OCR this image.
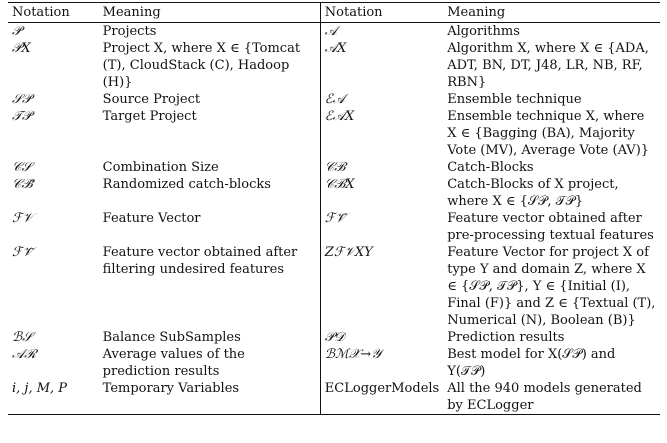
Notation	Meaning	Notation	Meaning
𝒫	Projects	𝒜	Algorithms
𝒫X	Project X, where X ∈ {Tomcat (T), CloudStack (C), Hadoop (H)}	𝒜X	Algorithm X, where X ∈ {ADA, ADT, BN, DT, J48, LR, NB, RF, RBN}
𝒮𝒫	Source Project	ℰ𝒜	Ensemble technique
𝒯𝒫	Target Project	ℰ𝒜X	Ensemble technique X, where X ∈ {Bagging (BA), Majority Vote (MV), Average Vote (AV)}
𝒞𝒮	Combination Size	𝒞ℬ	Catch-Blocks
𝒞ℬ̃	Randomized catch-blocks	𝒞ℬX	Catch-Blocks of X project, where X ∈ {𝒮𝒫, 𝒯𝒫}
ℱ𝒱	Feature Vector	ℱ𝒱̂	Feature vector obtained after pre-processing textual features
ℱ𝒱̃	Feature vector obtained after filtering undesired features	Zℱ𝒱XY	Feature Vector for project X of type Y and domain Z, where X ∈ {𝒮𝒫, 𝒯𝒫}, Y ∈ {Initial (I), Final (F)} and Z ∈ {Textual (T), Numerical (N), Boolean (B)}
ℬ𝒮	Balance SubSamples	𝒫𝒟	Prediction results
𝒜ℛ	Average values of the prediction results	ℬℳ𝒳→𝒴	Best model for X(𝒮𝒫) and Y(𝒯𝒫)
i, j, M, P	Temporary Variables	ECLoggerModels	All the 940 models generated by ECLogger
